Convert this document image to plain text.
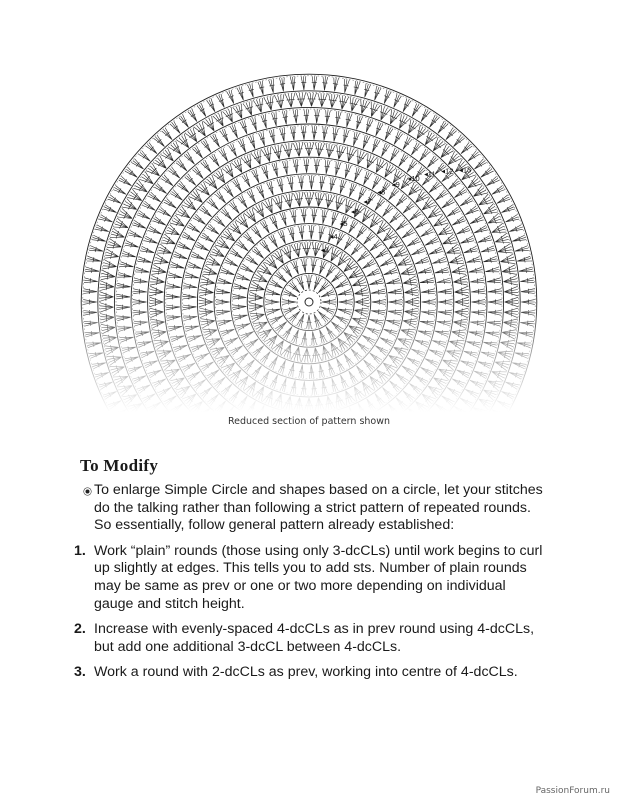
◂3
◂4
◂5
◂6
◂7
◂8
◂9
◂10 ◂11 ◂12 ◂13
Reduced section of pattern shown
To Modify
To enlarge Simple Circle and shapes based on a circle, let your stitches do the talking rather than following a strict pattern of repeated rounds. So essentially, follow general pattern already established:
1. Work “plain” rounds (those using only 3-dcCLs) until work begins to curl up slightly at edges. This tells you to add sts. Number of plain rounds may be same as prev or one or two more depending on individual gauge and stitch height.
2. Increase with evenly-spaced 4-dcCLs as in prev round using 4-dcCLs, but add one additional 3-dcCL between 4-dcCLs.
3. Work a round with 2-dcCLs as prev, working into centre of 4-dcCLs.
PassionForum.ru
